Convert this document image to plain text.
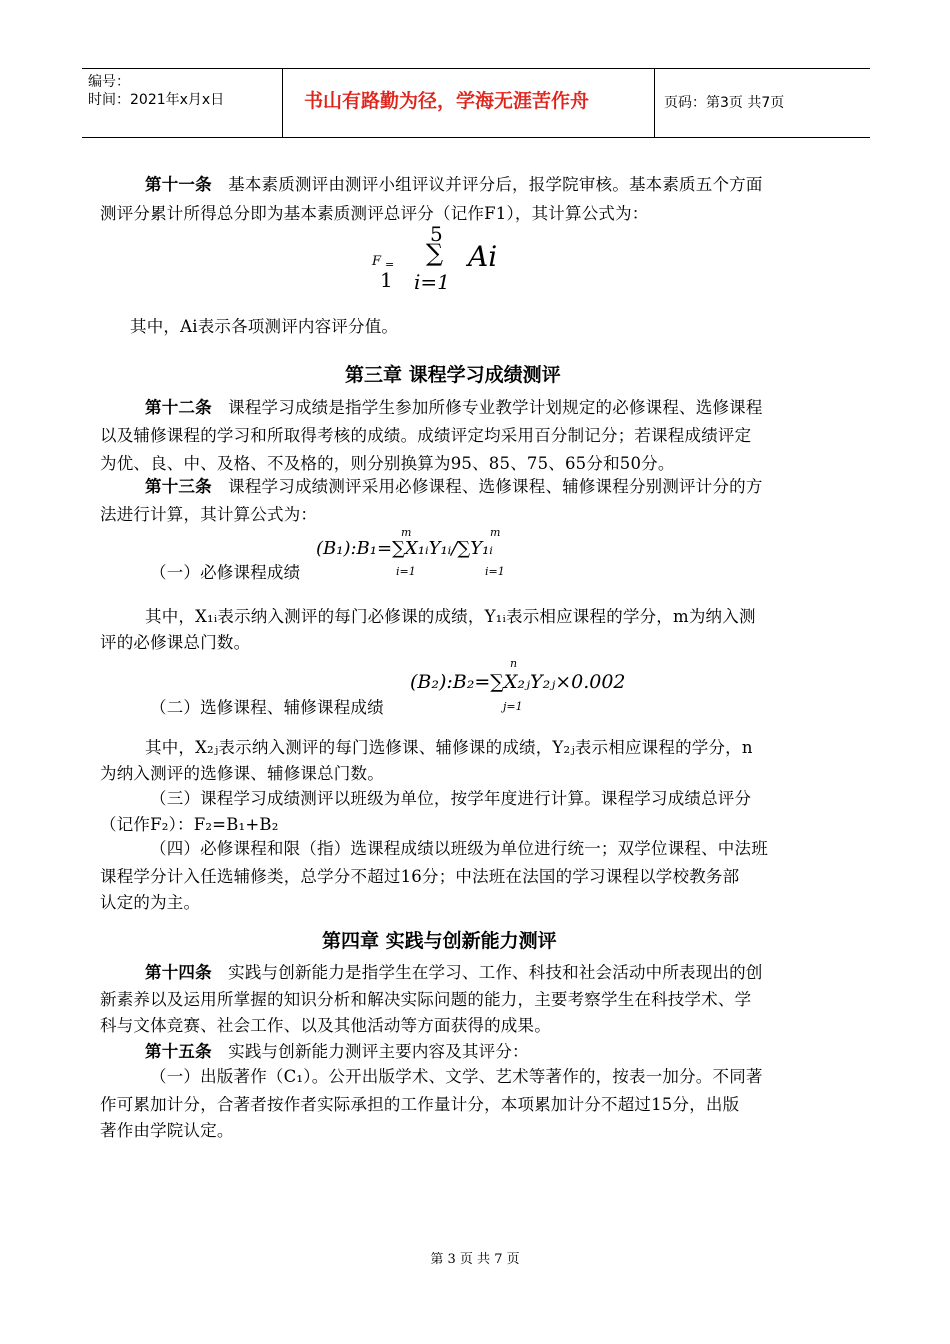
编号：
时间：2021年x月x日	书山有路勤为径，学海无涯苦作舟	页码：第3页 共7页
第十一条 基本素质测评由测评小组评议并评分后，报学院审核。基本素质五个方面
测评分累计所得总分即为基本素质测评总评分（记作F1），其计算公式为：
F =
1
5
∑
i=1
Ai
其中，Ai表示各项测评内容评分值。
第三章 课程学习成绩测评
第十二条 课程学习成绩是指学生参加所修专业教学计划规定的必修课程、选修课程
以及辅修课程的学习和所取得考核的成绩。成绩评定均采用百分制记分；若课程成绩评定
为优、良、中、及格、不及格的，则分别换算为95、85、75、65分和50分。
第十三条 课程学习成绩测评采用必修课程、选修课程、辅修课程分别测评计分的方
法进行计算，其计算公式为：
（一）必修课程成绩
(B₁):B₁=∑X₁ᵢY₁ᵢ/∑Y₁ᵢ
m
i=1
m
i=1
其中，X₁ᵢ表示纳入测评的每门必修课的成绩，Y₁ᵢ表示相应课程的学分，m为纳入测
评的必修课总门数。
(B₂):B₂=∑X₂ⱼY₂ⱼ×0.002
n
j=1
（二）选修课程、辅修课程成绩
其中，X₂ⱼ表示纳入测评的每门选修课、辅修课的成绩，Y₂ⱼ表示相应课程的学分，n
为纳入测评的选修课、辅修课总门数。
（三）课程学习成绩测评以班级为单位，按学年度进行计算。课程学习成绩总评分
（记作F₂）：F₂=B₁+B₂
（四）必修课程和限（指）选课程成绩以班级为单位进行统一；双学位课程、中法班
课程学分计入任选辅修类，总学分不超过16分；中法班在法国的学习课程以学校教务部
认定的为主。
第四章 实践与创新能力测评
第十四条 实践与创新能力是指学生在学习、工作、科技和社会活动中所表现出的创
新素养以及运用所掌握的知识分析和解决实际问题的能力，主要考察学生在科技学术、学
科与文体竞赛、社会工作、以及其他活动等方面获得的成果。
第十五条 实践与创新能力测评主要内容及其评分：
（一）出版著作（C₁）。公开出版学术、文学、艺术等著作的，按表一加分。不同著
作可累加计分，合著者按作者实际承担的工作量计分，本项累加计分不超过15分，出版
著作由学院认定。
第 3 页 共 7 页
